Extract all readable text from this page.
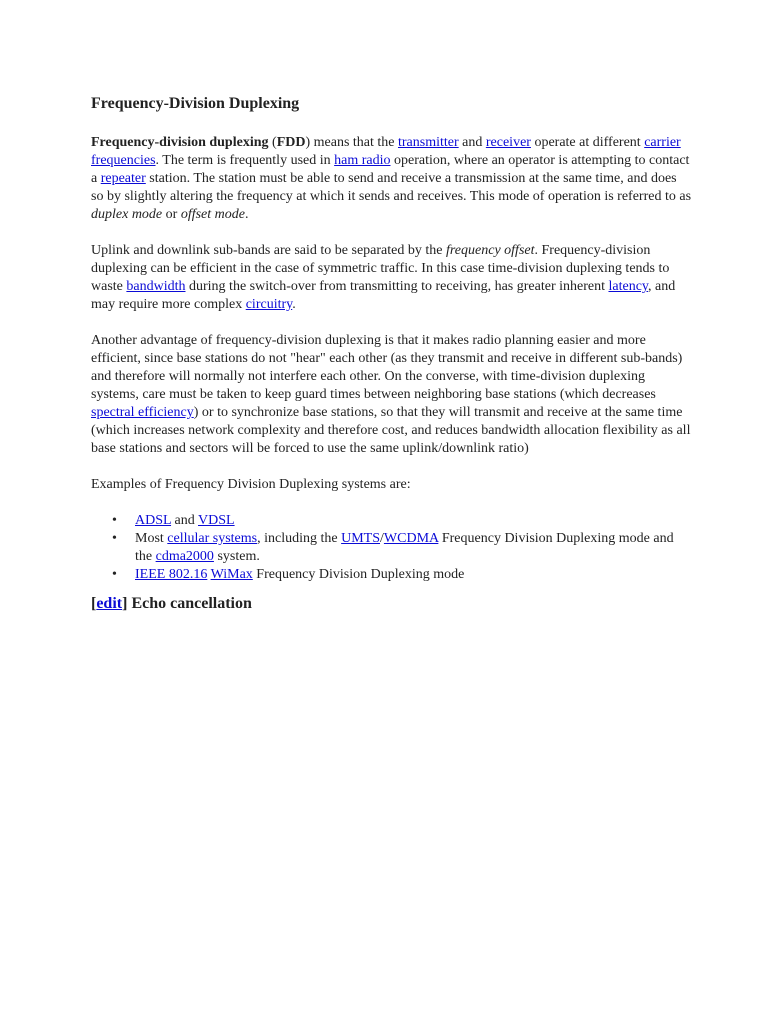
Frequency-Division Duplexing

Frequency-division duplexing (FDD) means that the transmitter and receiver operate at different carrier frequencies. The term is frequently used in ham radio operation, where an operator is attempting to contact a repeater station. The station must be able to send and receive a transmission at the same time, and does so by slightly altering the frequency at which it sends and receives. This mode of operation is referred to as duplex mode or offset mode.

Uplink and downlink sub-bands are said to be separated by the frequency offset. Frequency-division duplexing can be efficient in the case of symmetric traffic. In this case time-division duplexing tends to waste bandwidth during the switch-over from transmitting to receiving, has greater inherent latency, and may require more complex circuitry.

Another advantage of frequency-division duplexing is that it makes radio planning easier and more efficient, since base stations do not "hear" each other (as they transmit and receive in different sub-bands) and therefore will normally not interfere each other. On the converse, with time-division duplexing systems, care must be taken to keep guard times between neighboring base stations (which decreases spectral efficiency) or to synchronize base stations, so that they will transmit and receive at the same time (which increases network complexity and therefore cost, and reduces bandwidth allocation flexibility as all base stations and sectors will be forced to use the same uplink/downlink ratio)

Examples of Frequency Division Duplexing systems are:

• ADSL and VDSL
• Most cellular systems, including the UMTS/WCDMA Frequency Division Duplexing mode and the cdma2000 system.
• IEEE 802.16 WiMax Frequency Division Duplexing mode
[edit] Echo cancellation
